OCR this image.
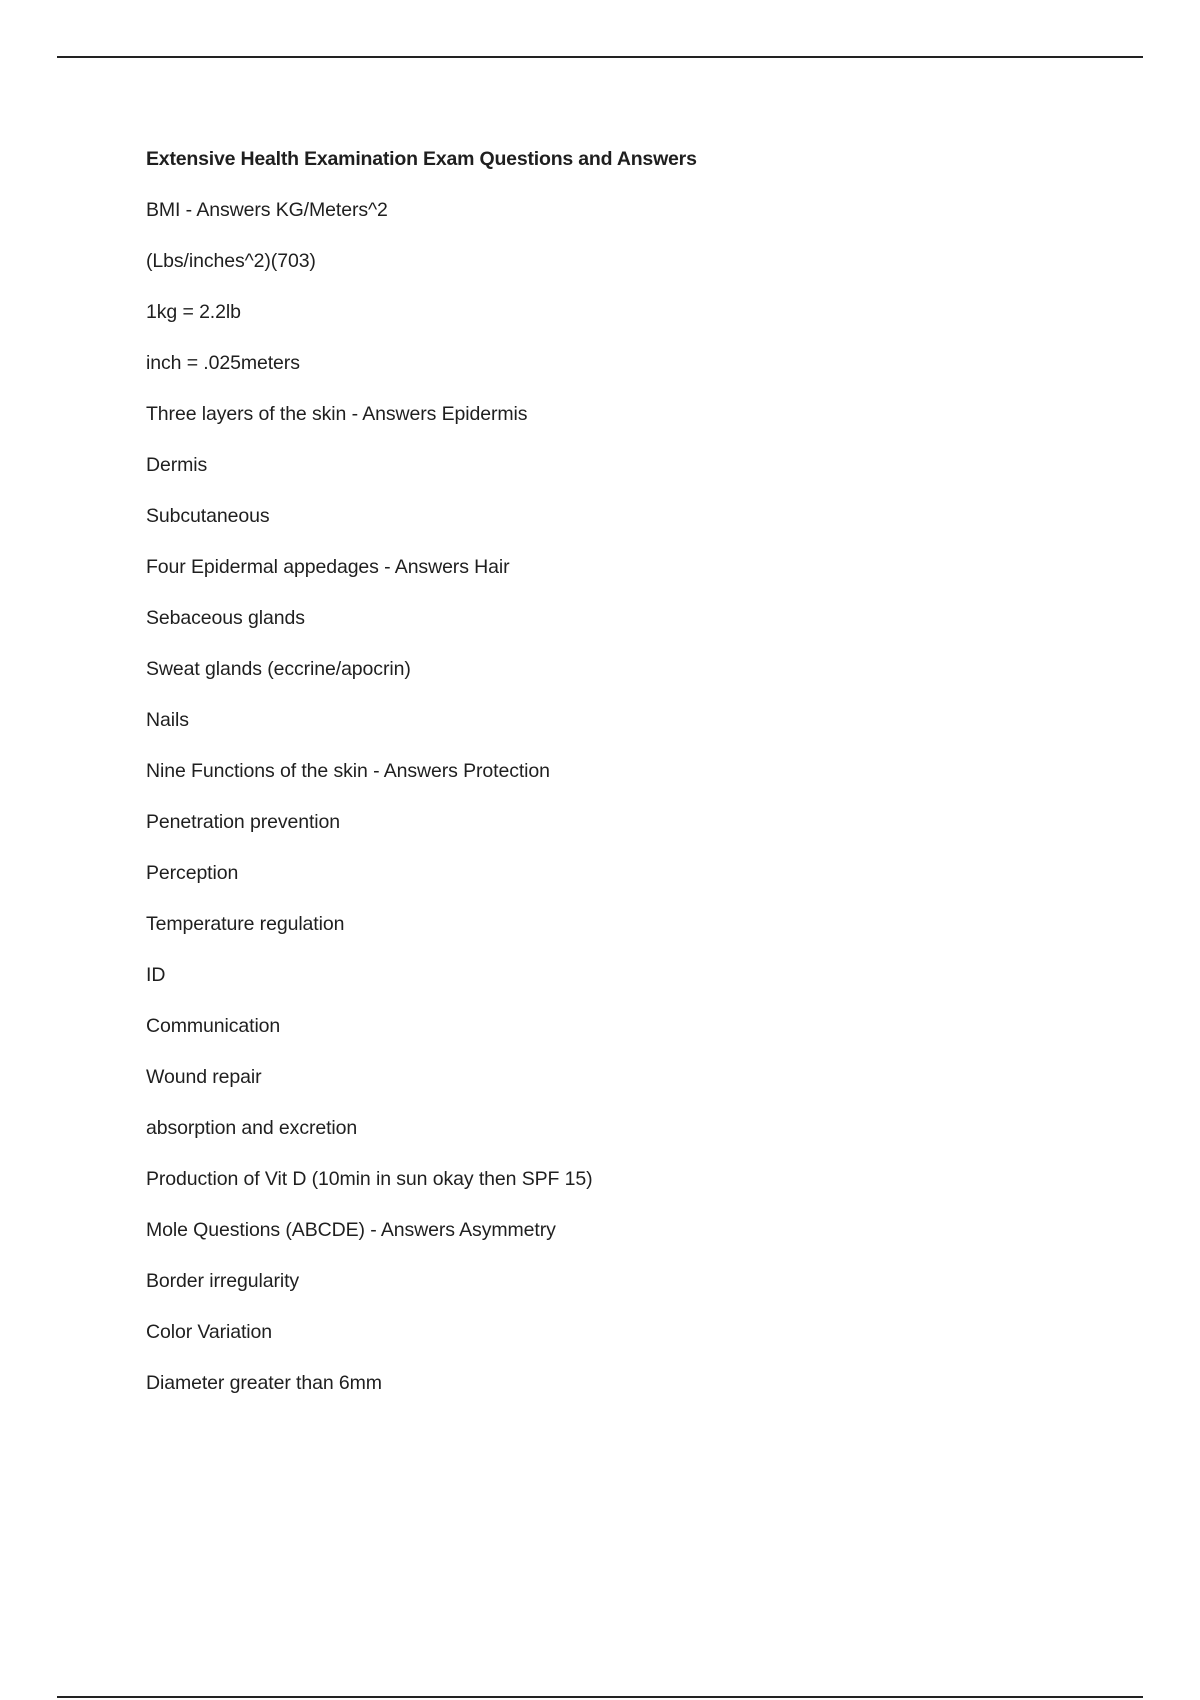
Extensive Health Examination Exam Questions and Answers
BMI - Answers KG/Meters^2
(Lbs/inches^2)(703)
1kg = 2.2lb
inch = .025meters
Three layers of the skin - Answers Epidermis
Dermis
Subcutaneous
Four Epidermal appedages - Answers Hair
Sebaceous glands
Sweat glands (eccrine/apocrin)
Nails
Nine Functions of the skin - Answers Protection
Penetration prevention
Perception
Temperature regulation
ID
Communication
Wound repair
absorption and excretion
Production of Vit D (10min in sun okay then SPF 15)
Mole Questions (ABCDE) - Answers Asymmetry
Border irregularity
Color Variation
Diameter greater than 6mm
